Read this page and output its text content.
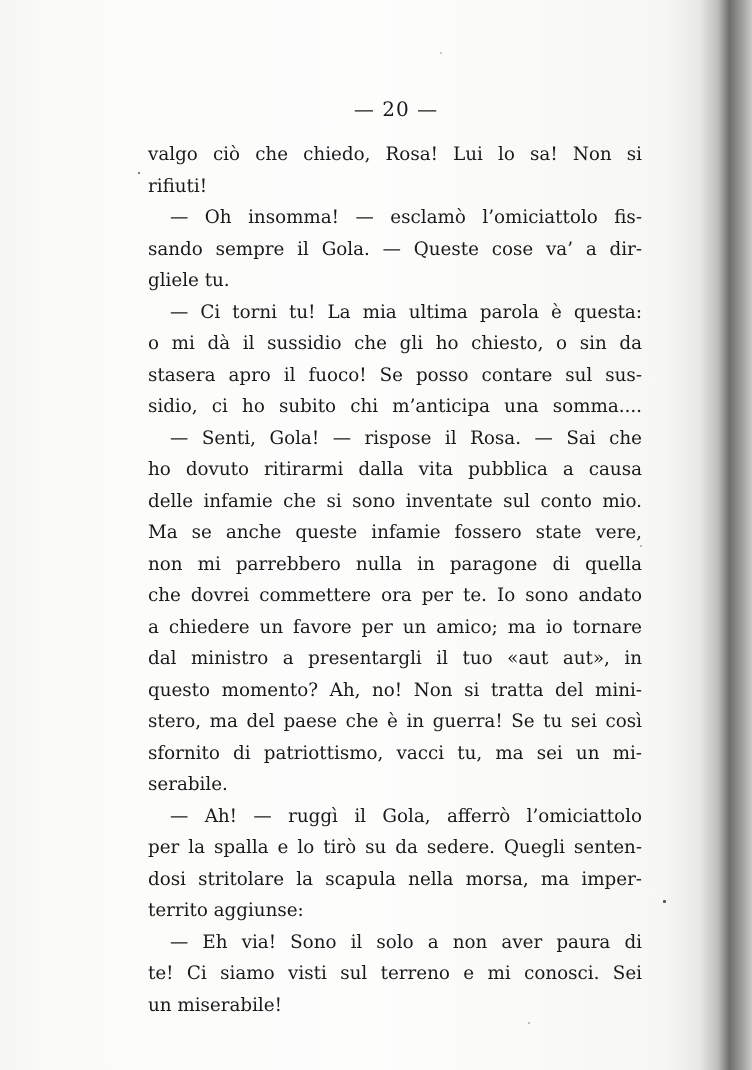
— 20 —
valgo ciò che chiedo, Rosa! Lui lo sa! Non si
rifiuti!
— Oh insomma! — esclamò l’omiciattolo fis-
sando sempre il Gola. — Queste cose va’ a dir-
gliele tu.
— Ci torni tu! La mia ultima parola è questa:
o mi dà il sussidio che gli ho chiesto, o sin da
stasera apro il fuoco! Se posso contare sul sus-
sidio, ci ho subito chi m’anticipa una somma....
— Senti, Gola! — rispose il Rosa. — Sai che
ho dovuto ritirarmi dalla vita pubblica a causa
delle infamie che si sono inventate sul conto mio.
Ma se anche queste infamie fossero state vere,
non mi parrebbero nulla in paragone di quella
che dovrei commettere ora per te. Io sono andato
a chiedere un favore per un amico; ma io tornare
dal ministro a presentargli il tuo «aut aut», in
questo momento? Ah, no! Non si tratta del mini-
stero, ma del paese che è in guerra! Se tu sei così
sfornito di patriottismo, vacci tu, ma sei un mi-
serabile.
— Ah! — ruggì il Gola, afferrò l’omiciattolo
per la spalla e lo tirò su da sedere. Quegli senten-
dosi stritolare la scapula nella morsa, ma imper-
territo aggiunse:
— Eh via! Sono il solo a non aver paura di
te! Ci siamo visti sul terreno e mi conosci. Sei
un miserabile!
